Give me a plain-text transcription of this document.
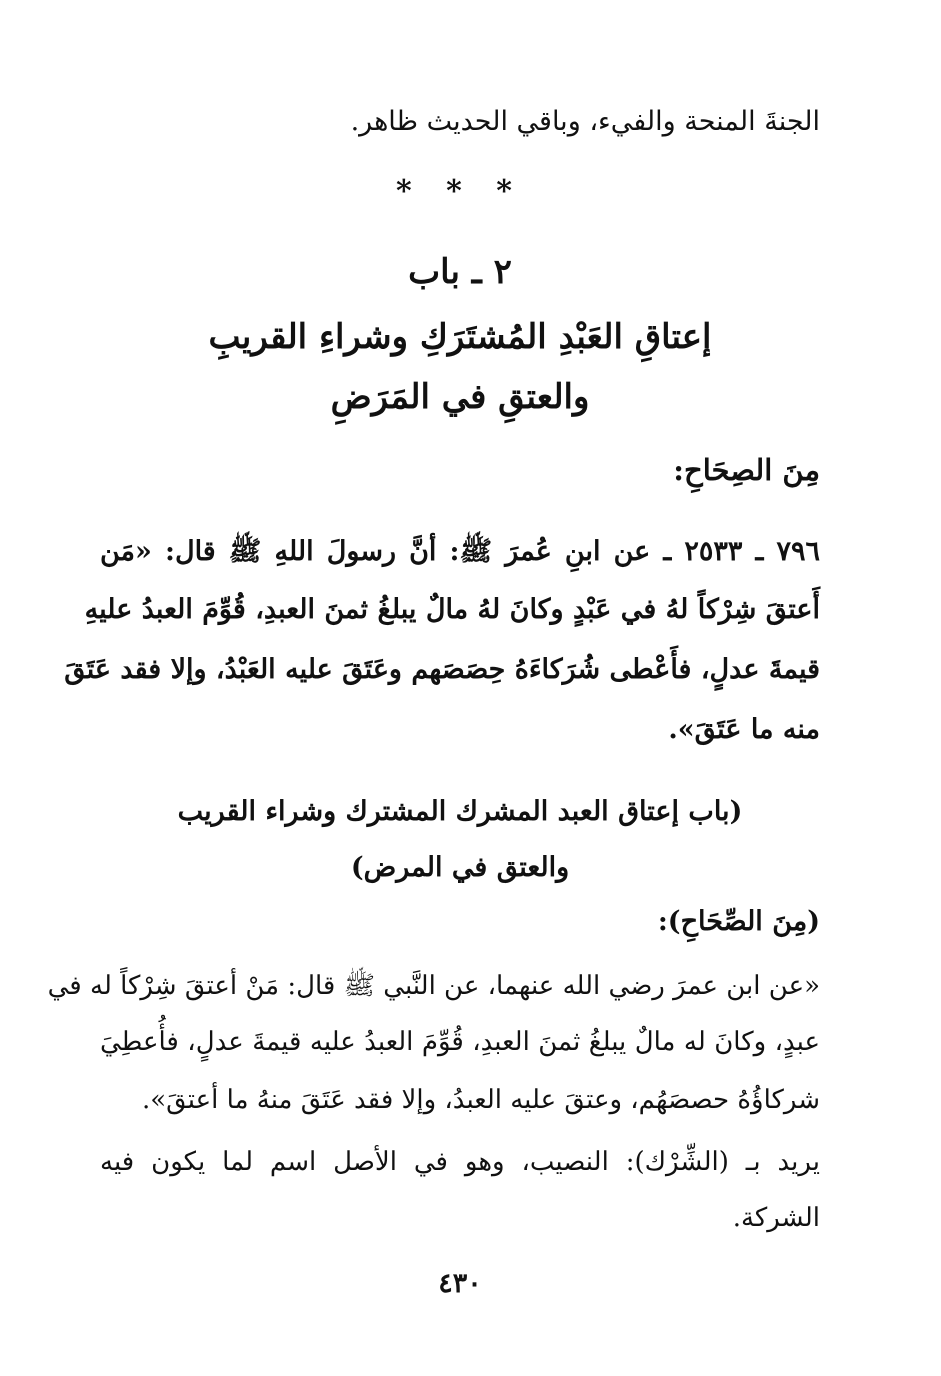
الجنةَ المنحة والفيء، وباقي الحديث ظاهر.
* * *
٢ ـ باب
إعتاقِ العَبْدِ المُشتَرَكِ وشراءِ القريبِ
والعتقِ في المَرَضِ
مِنَ الصِحَاحِ:
٧٩٦ ـ ٢٥٣٣ ـ عن ابنِ عُمرَ ﷺ: أنَّ رسولَ اللهِ ﷺ قال: «مَن
أَعتقَ شِرْكاً لهُ في عَبْدٍ وكانَ لهُ مالٌ يبلغُ ثمنَ العبدِ، قُوِّمَ العبدُ عليهِ
قيمةَ عدلٍ، فأَعْطى شُرَكاءَهُ حِصَصَهم وعَتَقَ عليه العَبْدُ، وإلا فقد عَتَقَ
منه ما عَتَقَ».
(باب إعتاق العبد المشرك المشترك وشراء القريب
والعتق في المرض)
(مِنَ الصِّحَاحِ):
«عن ابن عمرَ رضي الله عنهما، عن النَّبي ﷺ قال: مَنْ أعتقَ شِرْكاً له في
عبدٍ، وكانَ له مالٌ يبلغُ ثمنَ العبدِ، قُوِّمَ العبدُ عليه قيمةَ عدلٍ، فأُعطِيَ
شركاؤُهُ حصصَهُم، وعتقَ عليه العبدُ، وإلا فقد عَتَقَ منهُ ما أعتقَ».
يريد بـ (الشِّرْك): النصيب، وهو في الأصل اسم لما يكون فيه
الشركة.
٤٣٠
